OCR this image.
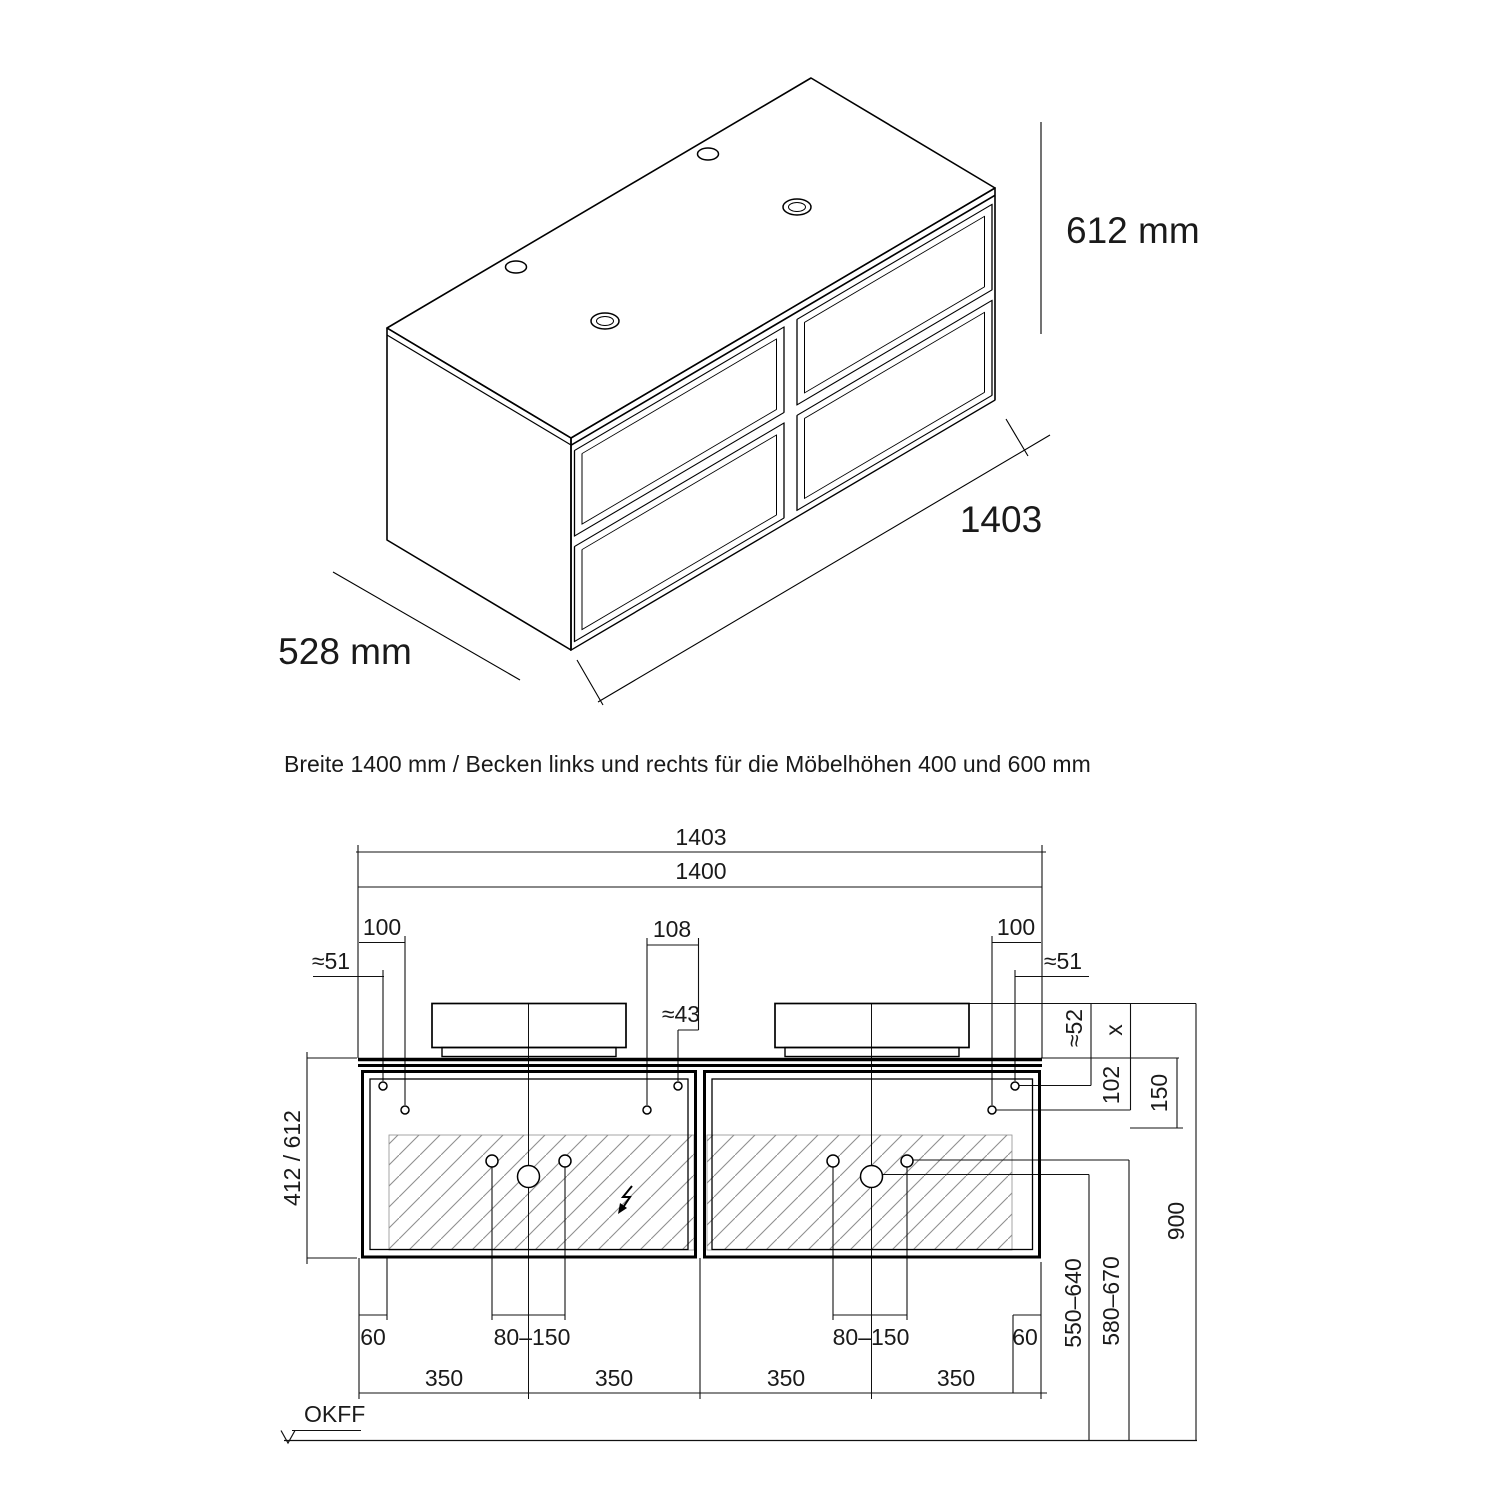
612 mm
528 mm
1403
Breite 1400 mm / Becken links und rechts für die Möbelhöhen 400 und 600 mm
1403
1400
100	108	100
≈51
≈43
≈51
≈52 x
102 150
412 / 612
900
550–640 580–670
60	80–150	80–150	60
350	350	350	350
OKFF
